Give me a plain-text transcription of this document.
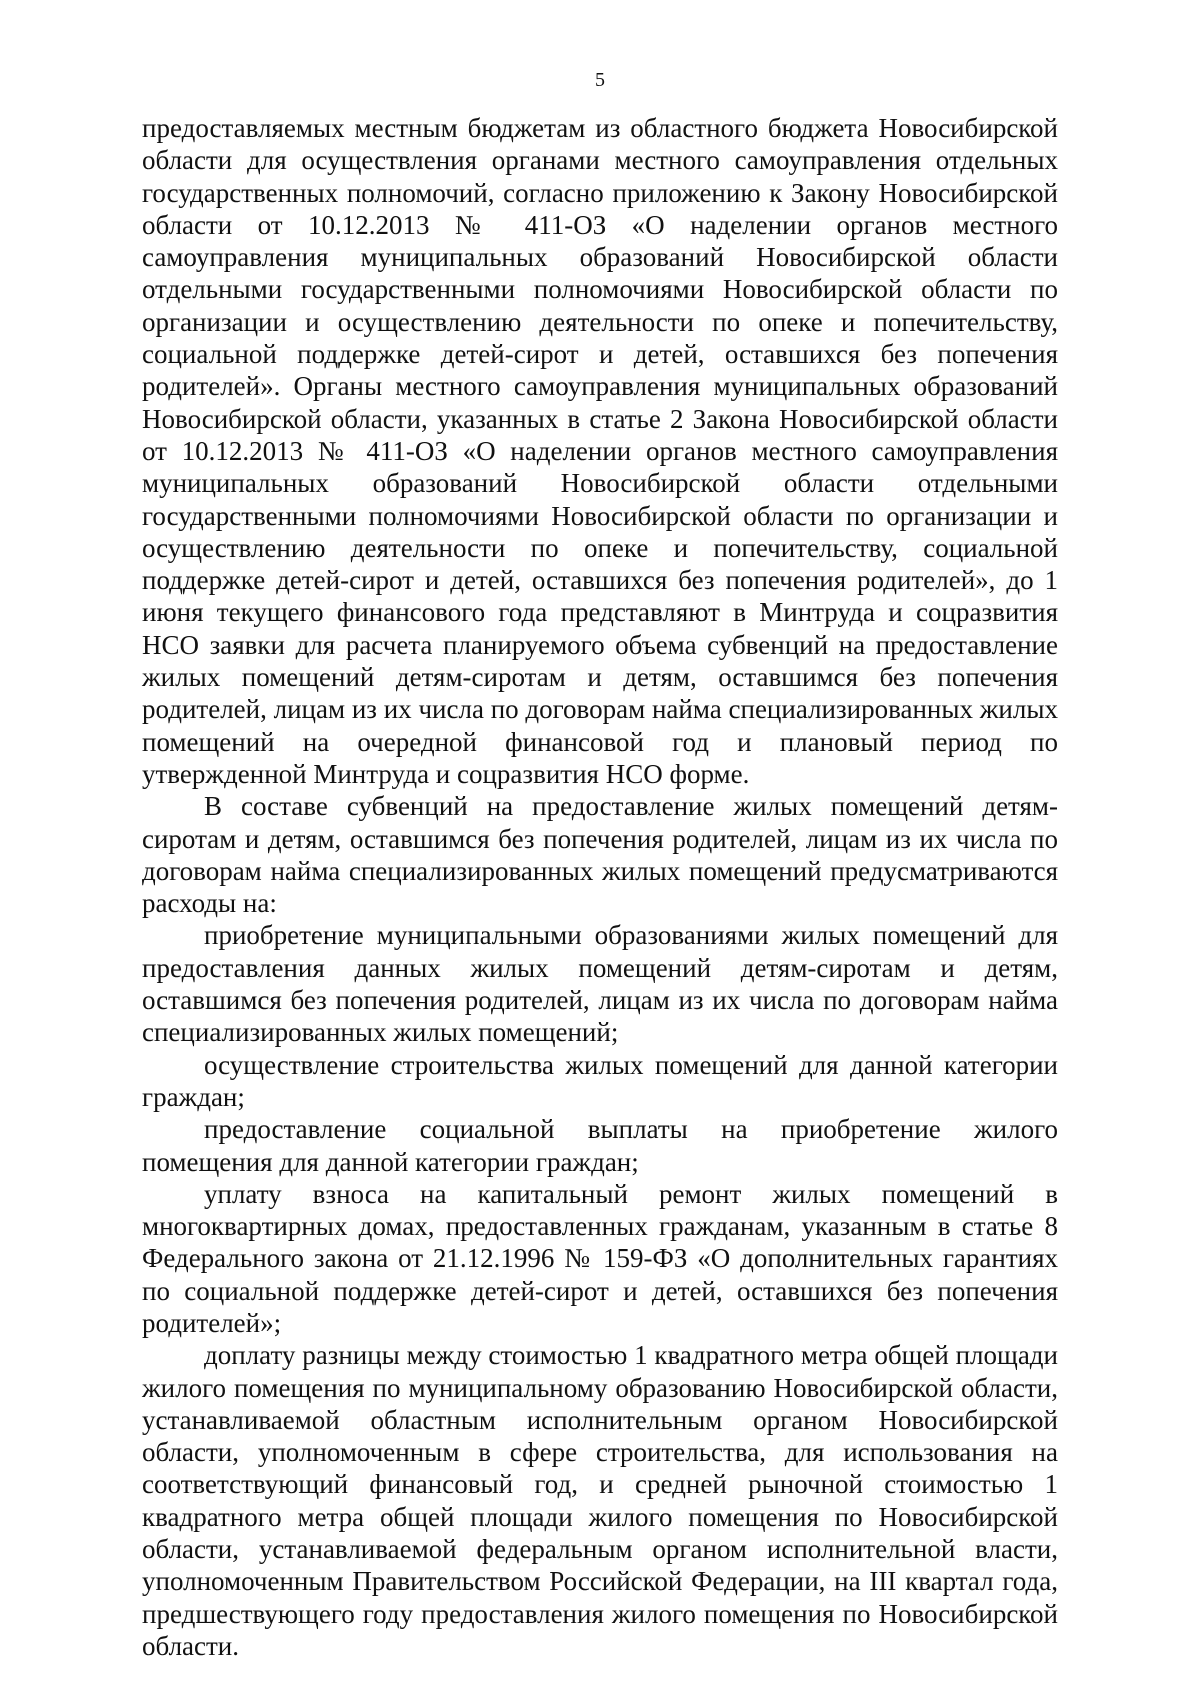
5

предоставляемых местным бюджетам из областного бюджета Новосибирской области для осуществления органами местного самоуправления отдельных государственных полномочий, согласно приложению к Закону Новосибирской области от 10.12.2013 № 411-ОЗ «О наделении органов местного самоуправления муниципальных образований Новосибирской области отдельными государственными полномочиями Новосибирской области по организации и осуществлению деятельности по опеке и попечительству, социальной поддержке детей-сирот и детей, оставшихся без попечения родителей». Органы местного самоуправления муниципальных образований Новосибирской области, указанных в статье 2 Закона Новосибирской области от 10.12.2013 № 411-ОЗ «О наделении органов местного самоуправления муниципальных образований Новосибирской области отдельными государственными полномочиями Новосибирской области по организации и осуществлению деятельности по опеке и попечительству, социальной поддержке детей-сирот и детей, оставшихся без попечения родителей», до 1 июня текущего финансового года представляют в Минтруда и соцразвития НСО заявки для расчета планируемого объема субвенций на предоставление жилых помещений детям-сиротам и детям, оставшимся без попечения родителей, лицам из их числа по договорам найма специализированных жилых помещений на очередной финансовой год и плановый период по утвержденной Минтруда и соцразвития НСО форме.

В составе субвенций на предоставление жилых помещений детям-сиротам и детям, оставшимся без попечения родителей, лицам из их числа по договорам найма специализированных жилых помещений предусматриваются расходы на:

приобретение муниципальными образованиями жилых помещений для предоставления данных жилых помещений детям-сиротам и детям, оставшимся без попечения родителей, лицам из их числа по договорам найма специализированных жилых помещений;

осуществление строительства жилых помещений для данной категории граждан;

предоставление социальной выплаты на приобретение жилого помещения для данной категории граждан;

уплату взноса на капитальный ремонт жилых помещений в многоквартирных домах, предоставленных гражданам, указанным в статье 8 Федерального закона от 21.12.1996 № 159-ФЗ «О дополнительных гарантиях по социальной поддержке детей-сирот и детей, оставшихся без попечения родителей»;

доплату разницы между стоимостью 1 квадратного метра общей площади жилого помещения по муниципальному образованию Новосибирской области, устанавливаемой областным исполнительным органом Новосибирской области, уполномоченным в сфере строительства, для использования на соответствующий финансовый год, и средней рыночной стоимостью 1 квадратного метра общей площади жилого помещения по Новосибирской области, устанавливаемой федеральным органом исполнительной власти, уполномоченным Правительством Российской Федерации, на III квартал года, предшествующего году предоставления жилого помещения по Новосибирской области.
